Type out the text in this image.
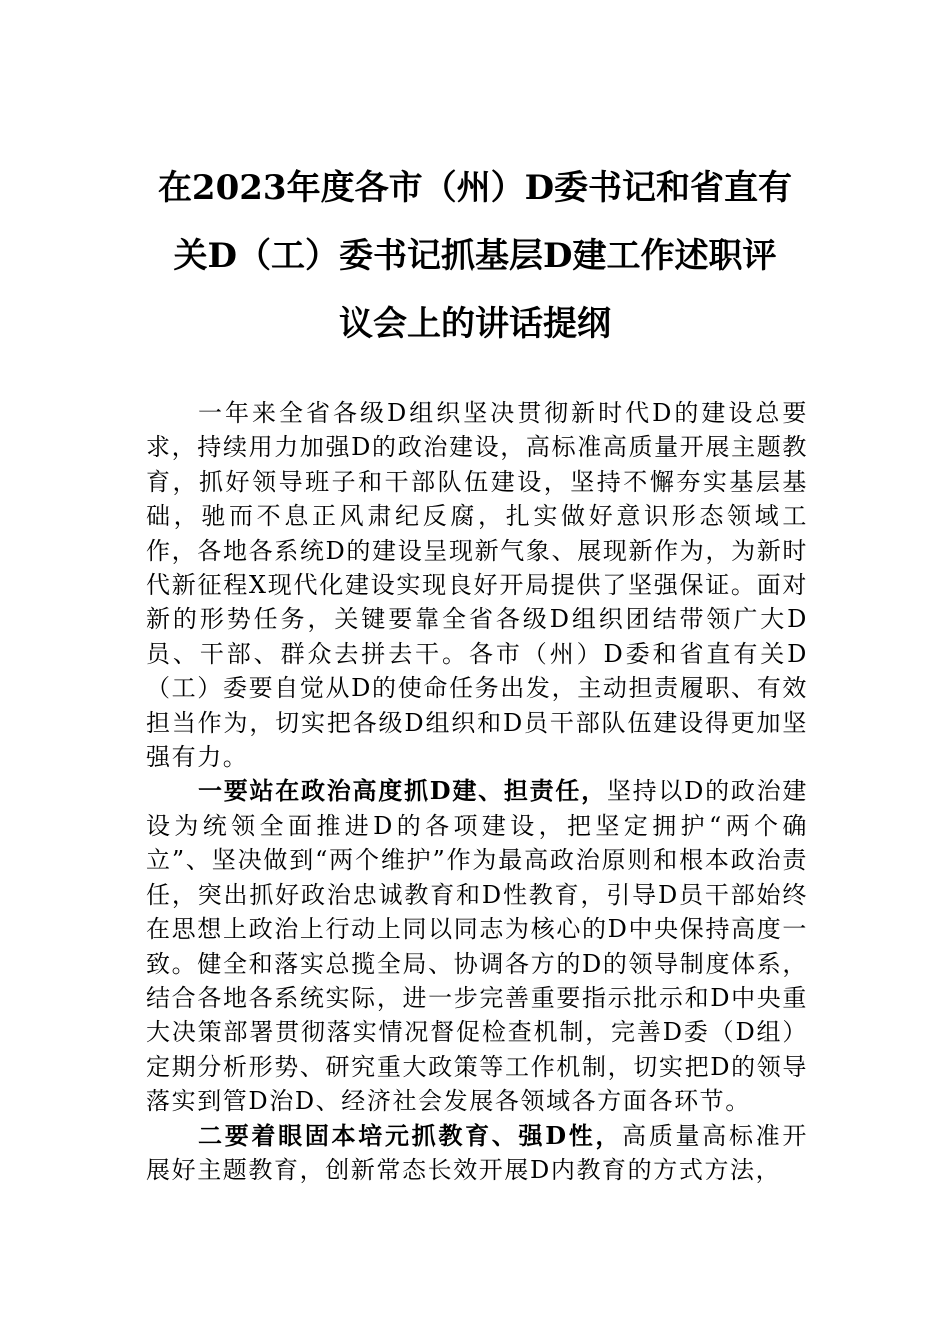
在2023年度各市（州）D委书记和省直有
关D（工）委书记抓基层D建工作述职评
议会上的讲话提纲

一年来全省各级D组织坚决贯彻新时代D的建设总要求，持续用力加强D的政治建设，高标准高质量开展主题教育，抓好领导班子和干部队伍建设，坚持不懈夯实基层基础，驰而不息正风肃纪反腐，扎实做好意识形态领域工作，各地各系统D的建设呈现新气象、展现新作为，为新时代新征程X现代化建设实现良好开局提供了坚强保证。面对新的形势任务，关键要靠全省各级D组织团结带领广大D员、干部、群众去拼去干。各市（州）D委和省直有关D（工）委要自觉从D的使命任务出发，主动担责履职、有效担当作为，切实把各级D组织和D员干部队伍建设得更加坚强有力。

一要站在政治高度抓D建、担责任，坚持以D的政治建设为统领全面推进D的各项建设，把坚定拥护“两个确立”、坚决做到“两个维护”作为最高政治原则和根本政治责任，突出抓好政治忠诚教育和D性教育，引导D员干部始终在思想上政治上行动上同以同志为核心的D中央保持高度一致。健全和落实总揽全局、协调各方的D的领导制度体系，结合各地各系统实际，进一步完善重要指示批示和D中央重大决策部署贯彻落实情况督促检查机制，完善D委（D组）定期分析形势、研究重大政策等工作机制，切实把D的领导落实到管D治D、经济社会发展各领域各方面各环节。

二要着眼固本培元抓教育、强D性，高质量高标准开展好主题教育，创新常态长效开展D内教育的方式方法，
